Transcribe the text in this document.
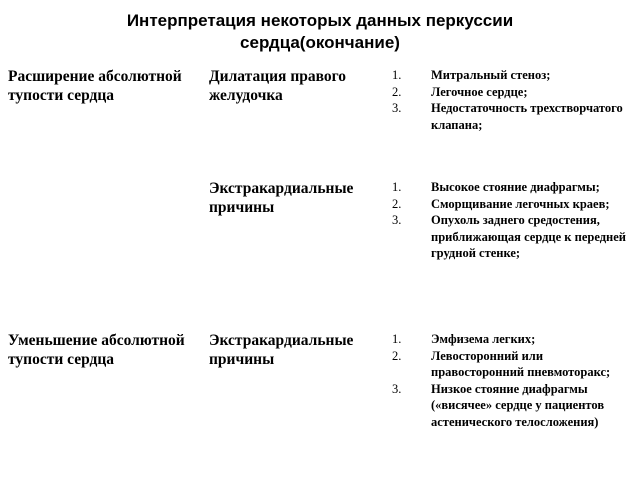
Интерпретация некоторых данных перкуссии
сердца(окончание)
Расширение абсолютной тупости сердца
Дилатация правого желудочка
1. Митральный стеноз;
2. Легочное сердце;
3. Недостаточность трехстворчатого клапана;
Экстракардиальные причины
1. Высокое стояние диафрагмы;
2. Сморщивание легочных краев;
3. Опухоль заднего средостения, приближающая сердце к передней грудной стенке;
Уменьшение абсолютной тупости сердца
Экстракардиальные причины
1. Эмфизема легких;
2. Левосторонний или правосторонний пневмоторакс;
3. Низкое стояние диафрагмы («висячее» сердце у пациентов астенического телосложения)
